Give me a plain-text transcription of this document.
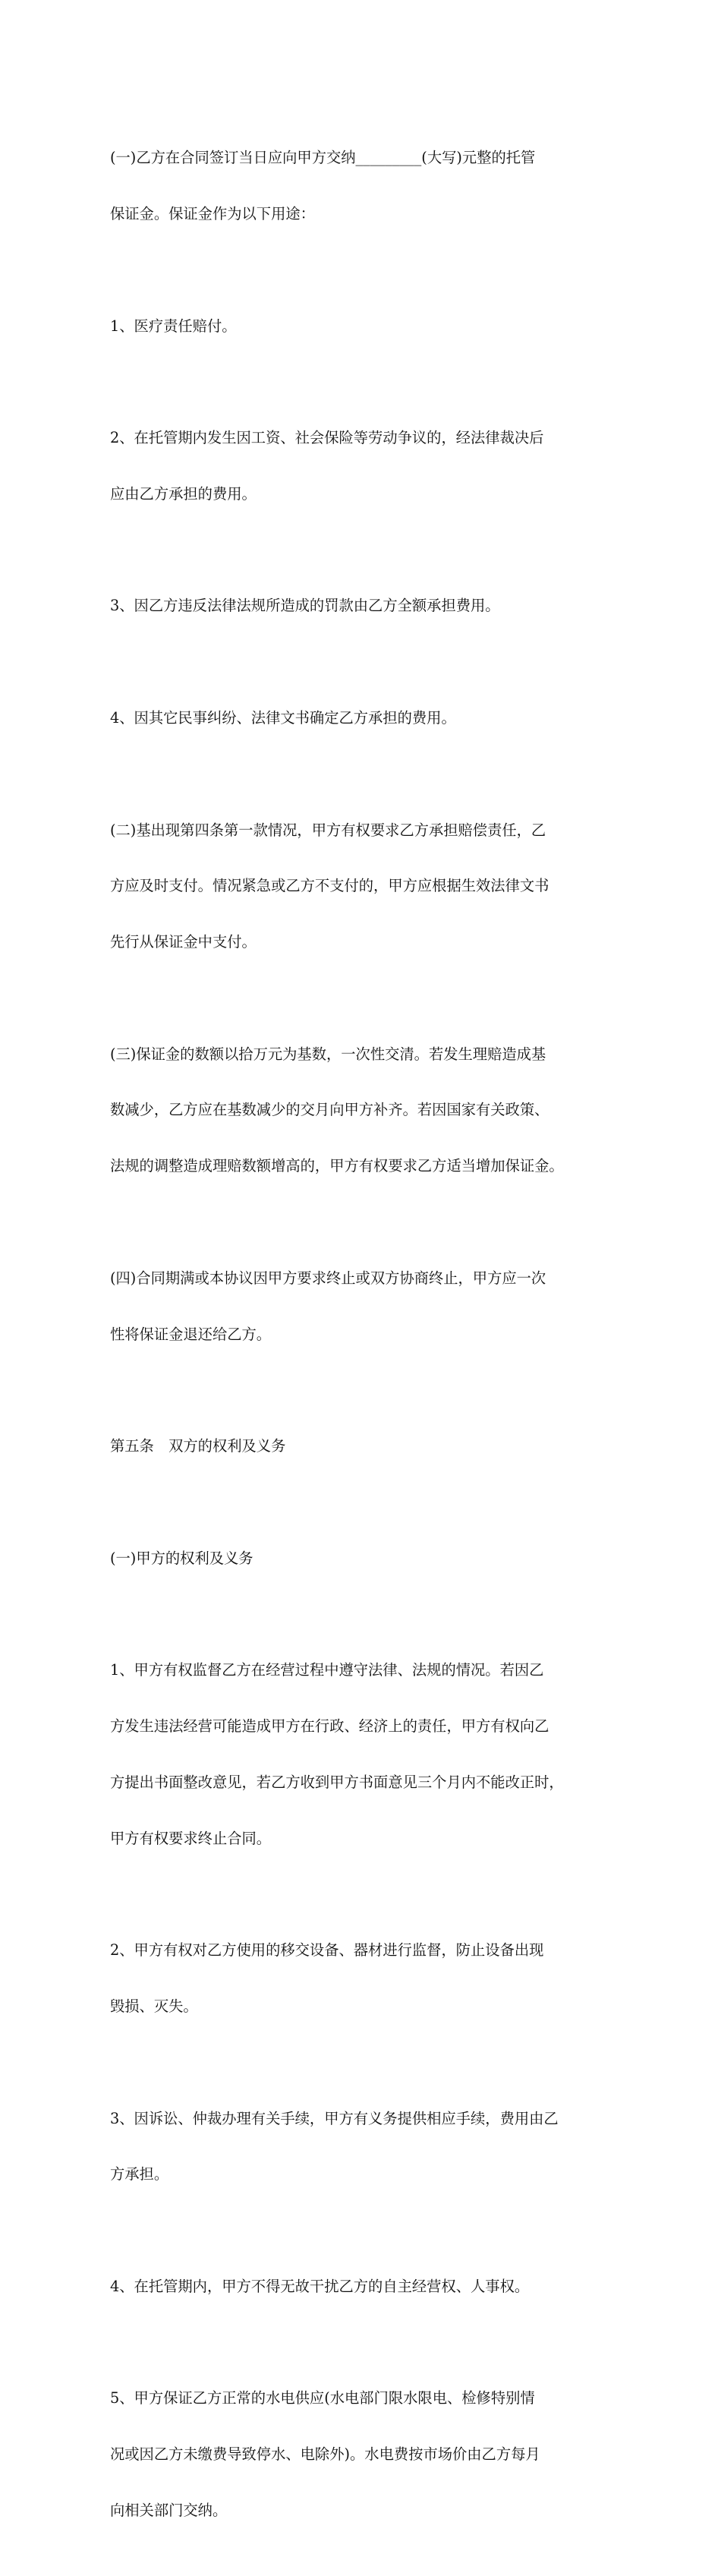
(一)乙方在合同签订当日应向甲方交纳_________(大写)元整的托管

保证金。保证金作为以下用途：

1、医疗责任赔付。

2、在托管期内发生因工资、社会保险等劳动争议的，经法律裁决后

应由乙方承担的费用。

3、因乙方违反法律法规所造成的罚款由乙方全额承担费用。

4、因其它民事纠纷、法律文书确定乙方承担的费用。

(二)基出现第四条第一款情况，甲方有权要求乙方承担赔偿责任，乙

方应及时支付。情况紧急或乙方不支付的，甲方应根据生效法律文书

先行从保证金中支付。

(三)保证金的数额以拾万元为基数，一次性交清。若发生理赔造成基

数减少，乙方应在基数减少的交月向甲方补齐。若因国家有关政策、

法规的调整造成理赔数额增高的，甲方有权要求乙方适当增加保证金。

(四)合同期满或本协议因甲方要求终止或双方协商终止，甲方应一次

性将保证金退还给乙方。

第五条　双方的权利及义务

(一)甲方的权利及义务

1、甲方有权监督乙方在经营过程中遵守法律、法规的情况。若因乙

方发生违法经营可能造成甲方在行政、经济上的责任，甲方有权向乙

方提出书面整改意见，若乙方收到甲方书面意见三个月内不能改正时，

甲方有权要求终止合同。

2、甲方有权对乙方使用的移交设备、器材进行监督，防止设备出现

毁损、灭失。

3、因诉讼、仲裁办理有关手续，甲方有义务提供相应手续，费用由乙

方承担。

4、在托管期内，甲方不得无故干扰乙方的自主经营权、人事权。

5、甲方保证乙方正常的水电供应(水电部门限水限电、检修特别情

况或因乙方未缴费导致停水、电除外)。水电费按市场价由乙方每月

向相关部门交纳。
